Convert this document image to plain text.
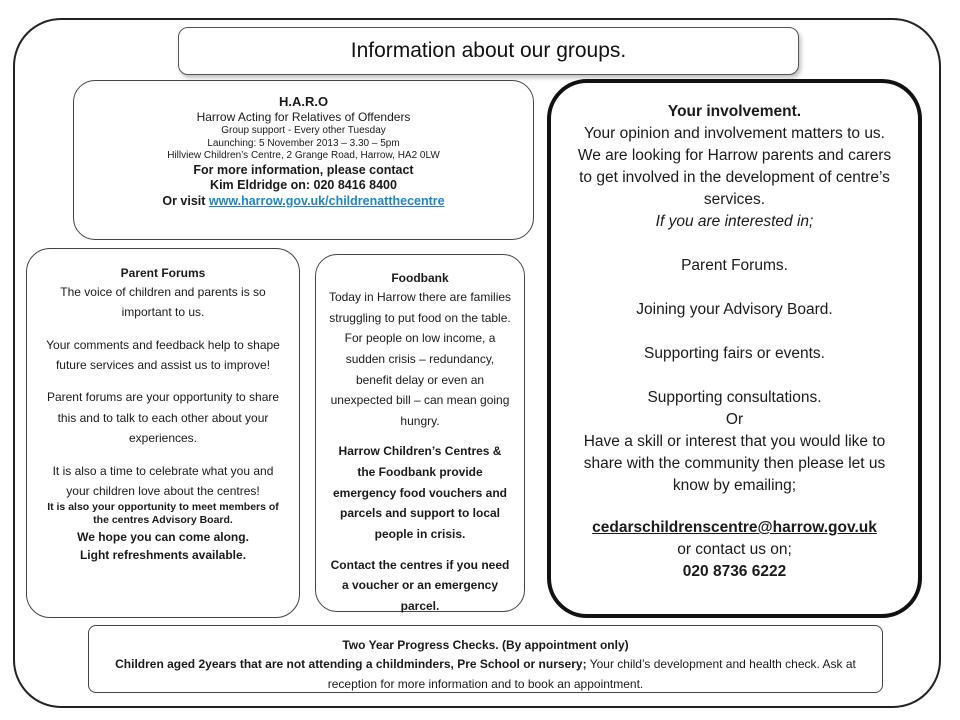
Information about our groups.
H.A.R.O
Harrow Acting for Relatives of Offenders
Group support - Every other Tuesday
Launching: 5 November 2013 – 3.30 – 5pm
Hillview Children’s Centre, 2 Grange Road, Harrow, HA2 0LW
For more information, please contact
Kim Eldridge on: 020 8416 8400
Or visit www.harrow.gov.uk/childrenatthecentre
Parent Forums

The voice of children and parents is so important to us.

Your comments and feedback help to shape future services and assist us to improve!

Parent forums are your opportunity to share this and to talk to each other about your experiences.

It is also a time to celebrate what you and your children love about the centres!

It is also your opportunity to meet members of the centres Advisory Board.

We hope you can come along.

Light refreshments available.

Foodbank

Today in Harrow there are families struggling to put food on the table. For people on low income, a sudden crisis – redundancy, benefit delay or even an unexpected bill – can mean going hungry.

Harrow Children’s Centres & the Foodbank provide emergency food vouchers and parcels and support to local people in crisis.

Contact the centres if you need a voucher or an emergency parcel.

Your involvement.

Your opinion and involvement matters to us. We are looking for Harrow parents and carers to get involved in the development of centre’s services.

If you are interested in;

Parent Forums.

Joining your Advisory Board.

Supporting fairs or events.

Supporting consultations.

Or

Have a skill or interest that you would like to share with the community then please let us know by emailing;

cedarschildrenscentre@harrow.gov.uk

or contact us on;

020 8736 6222

Two Year Progress Checks. (By appointment only)
Children aged 2years that are not attending a childminders, Pre School or nursery; Your child’s development and health check. Ask at reception for more information and to book an appointment.
